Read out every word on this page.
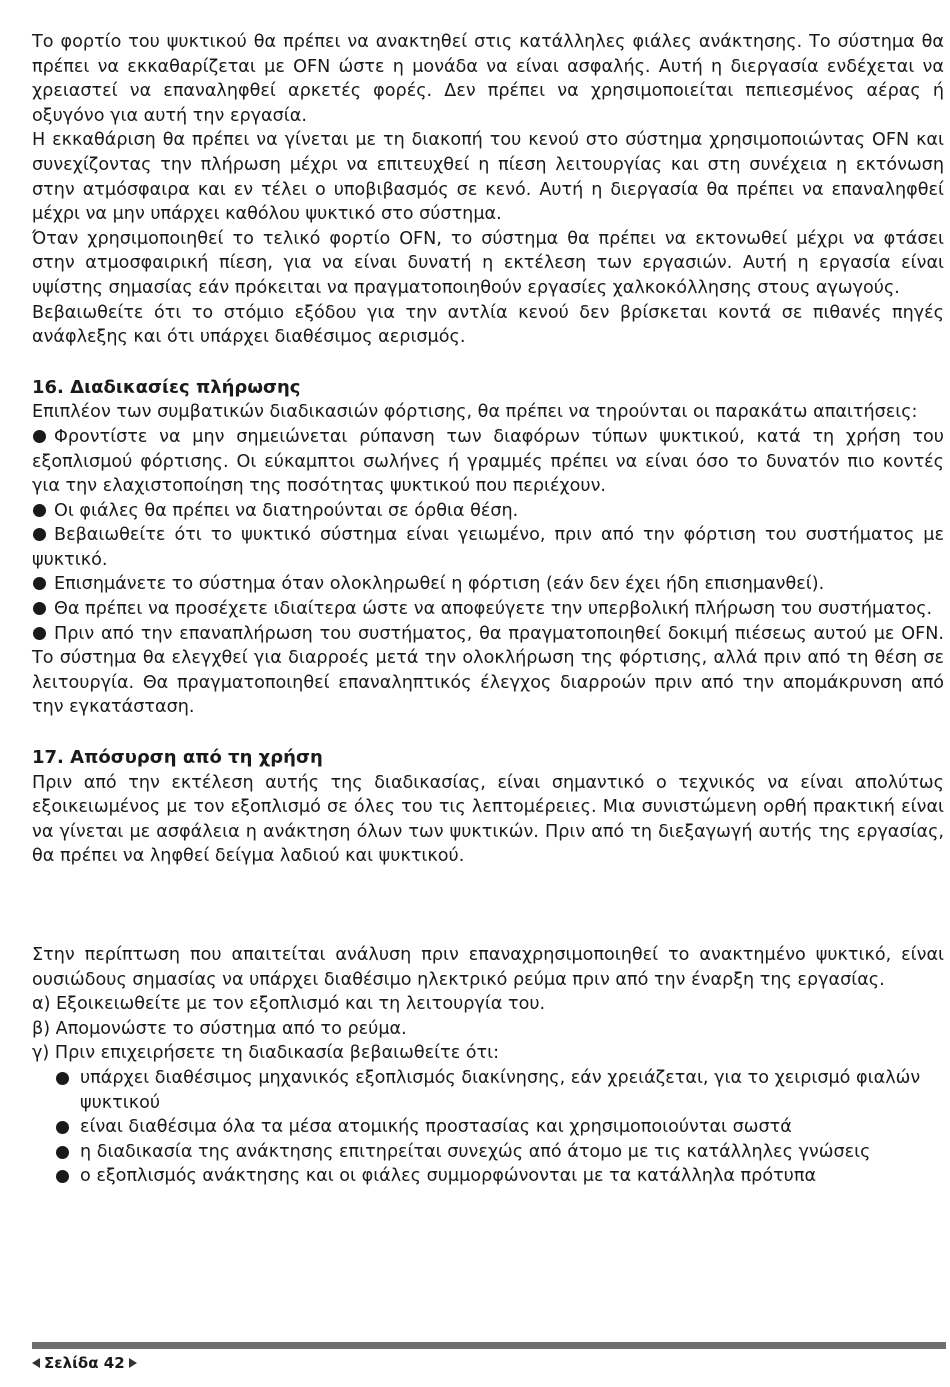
Το φορτίο του ψυκτικού θα πρέπει να ανακτηθεί στις κατάλληλες φιάλες ανάκτησης. Το σύστημα θα πρέπει να εκκαθαρίζεται με OFN ώστε η μονάδα να είναι ασφαλής. Αυτή η διεργασία ενδέχεται να χρειαστεί να επαναληφθεί αρκετές φορές. Δεν πρέπει να χρησιμοποιείται πεπιεσμένος αέρας ή οξυγόνο για αυτή την εργασία.

Η εκκαθάριση θα πρέπει να γίνεται με τη διακοπή του κενού στο σύστημα χρησιμοποιώντας OFN και συνεχίζοντας την πλήρωση μέχρι να επιτευχθεί η πίεση λειτουργίας και στη συνέχεια η εκτόνωση στην ατμόσφαιρα και εν τέλει ο υποβιβασμός σε κενό. Αυτή η διεργασία θα πρέπει να επαναληφθεί μέχρι να μην υπάρχει καθόλου ψυκτικό στο σύστημα.

Όταν χρησιμοποιηθεί το τελικό φορτίο OFN, το σύστημα θα πρέπει να εκτονωθεί μέχρι να φτάσει στην ατμοσφαιρική πίεση, για να είναι δυνατή η εκτέλεση των εργασιών. Αυτή η εργασία είναι υψίστης σημασίας εάν πρόκειται να πραγματοποιηθούν εργασίες χαλκοκόλλησης στους αγωγούς.

Βεβαιωθείτε ότι το στόμιο εξόδου για την αντλία κενού δεν βρίσκεται κοντά σε πιθανές πηγές ανάφλεξης και ότι υπάρχει διαθέσιμος αερισμός.

16. Διαδικασίες πλήρωσης

Επιπλέον των συμβατικών διαδικασιών φόρτισης, θα πρέπει να τηρούνται οι παρακάτω απαιτήσεις:

Φροντίστε να μην σημειώνεται ρύπανση των διαφόρων τύπων ψυκτικού, κατά τη χρήση του εξοπλισμού φόρτισης. Οι εύκαμπτοι σωλήνες ή γραμμές πρέπει να είναι όσο το δυνατόν πιο κοντές για την ελαχιστοποίηση της ποσότητας ψυκτικού που περιέχουν.

Οι φιάλες θα πρέπει να διατηρούνται σε όρθια θέση.

Βεβαιωθείτε ότι το ψυκτικό σύστημα είναι γειωμένο, πριν από την φόρτιση του συστήματος με ψυκτικό.

Επισημάνετε το σύστημα όταν ολοκληρωθεί η φόρτιση (εάν δεν έχει ήδη επισημανθεί).

Θα πρέπει να προσέχετε ιδιαίτερα ώστε να αποφεύγετε την υπερβολική πλήρωση του συστήματος.

Πριν από την επαναπλήρωση του συστήματος, θα πραγματοποιηθεί δοκιμή πιέσεως αυτού με OFN. Το σύστημα θα ελεγχθεί για διαρροές μετά την ολοκλήρωση της φόρτισης, αλλά πριν από τη θέση σε λειτουργία. Θα πραγματοποιηθεί επαναληπτικός έλεγχος διαρροών πριν από την απομάκρυνση από την εγκατάσταση.

17. Απόσυρση από τη χρήση

Πριν από την εκτέλεση αυτής της διαδικασίας, είναι σημαντικό ο τεχνικός να είναι απολύτως εξοικειωμένος με τον εξοπλισμό σε όλες του τις λεπτομέρειες. Μια συνιστώμενη ορθή πρακτική είναι να γίνεται με ασφάλεια η ανάκτηση όλων των ψυκτικών. Πριν από τη διεξαγωγή αυτής της εργασίας, θα πρέπει να ληφθεί δείγμα λαδιού και ψυκτικού.

Στην περίπτωση που απαιτείται ανάλυση πριν επαναχρησιμοποιηθεί το ανακτημένο ψυκτικό, είναι ουσιώδους σημασίας να υπάρχει διαθέσιμο ηλεκτρικό ρεύμα πριν από την έναρξη της εργασίας.

α) Εξοικειωθείτε με τον εξοπλισμό και τη λειτουργία του.

β) Απομονώστε το σύστημα από το ρεύμα.

γ) Πριν επιχειρήσετε τη διαδικασία βεβαιωθείτε ότι:

υπάρχει διαθέσιμος μηχανικός εξοπλισμός διακίνησης, εάν χρειάζεται, για το χειρισμό φιαλών ψυκτικού
είναι διαθέσιμα όλα τα μέσα ατομικής προστασίας και χρησιμοποιούνται σωστά
η διαδικασία της ανάκτησης επιτηρείται συνεχώς από άτομο με τις κατάλληλες γνώσεις
ο εξοπλισμός ανάκτησης και οι φιάλες συμμορφώνονται με τα κατάλληλα πρότυπα
Σελίδα 42
